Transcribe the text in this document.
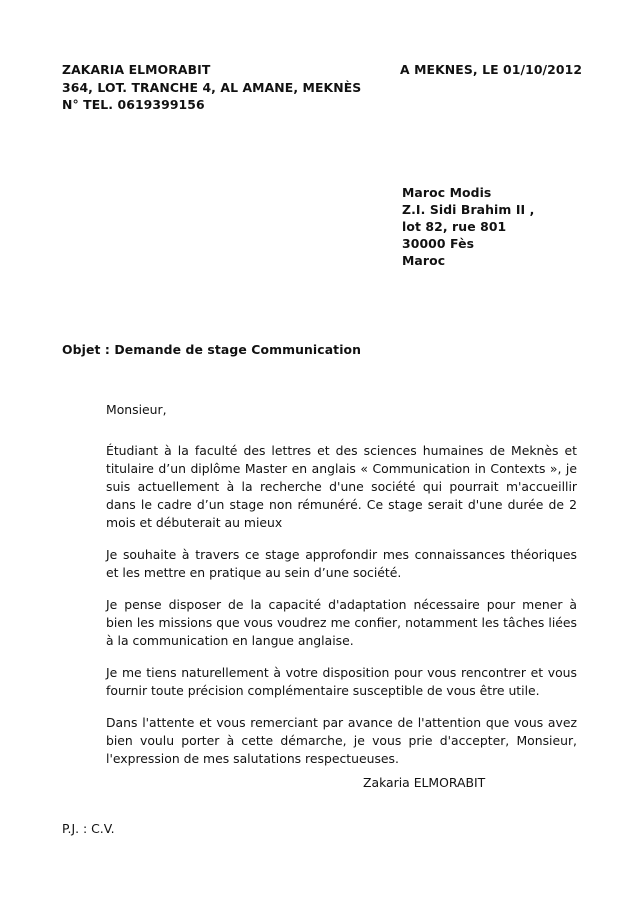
ZAKARIA ELMORABIT
364, LOT. TRANCHE 4, AL AMANE, MEKNÈS
N° TEL. 0619399156
A MEKNES, LE 01/10/2012
Maroc Modis
Z.I. Sidi Brahim II ,
lot 82, rue 801
30000 Fès
Maroc
Objet : Demande de stage Communication

Monsieur,

Étudiant à la faculté des lettres et des sciences humaines de Meknès et titulaire d’un diplôme Master en anglais « Communication in Contexts », je suis actuellement à la recherche d'une société qui pourrait m'accueillir dans le cadre d’un stage non rémunéré. Ce stage serait d'une durée de 2 mois et débuterait au mieux

Je souhaite à travers ce stage approfondir mes connaissances théoriques et les mettre en pratique au sein d’une société.

Je pense disposer de la capacité d'adaptation nécessaire pour mener à bien les missions que vous voudrez me confier, notamment les tâches liées à la communication en langue anglaise.

Je me tiens naturellement à votre disposition pour vous rencontrer et vous fournir toute précision complémentaire susceptible de vous être utile.

Dans l'attente et vous remerciant par avance de l'attention que vous avez bien voulu porter à cette démarche, je vous prie d'accepter, Monsieur, l'expression de mes salutations respectueuses.

Zakaria ELMORABIT
P.J. : C.V.
